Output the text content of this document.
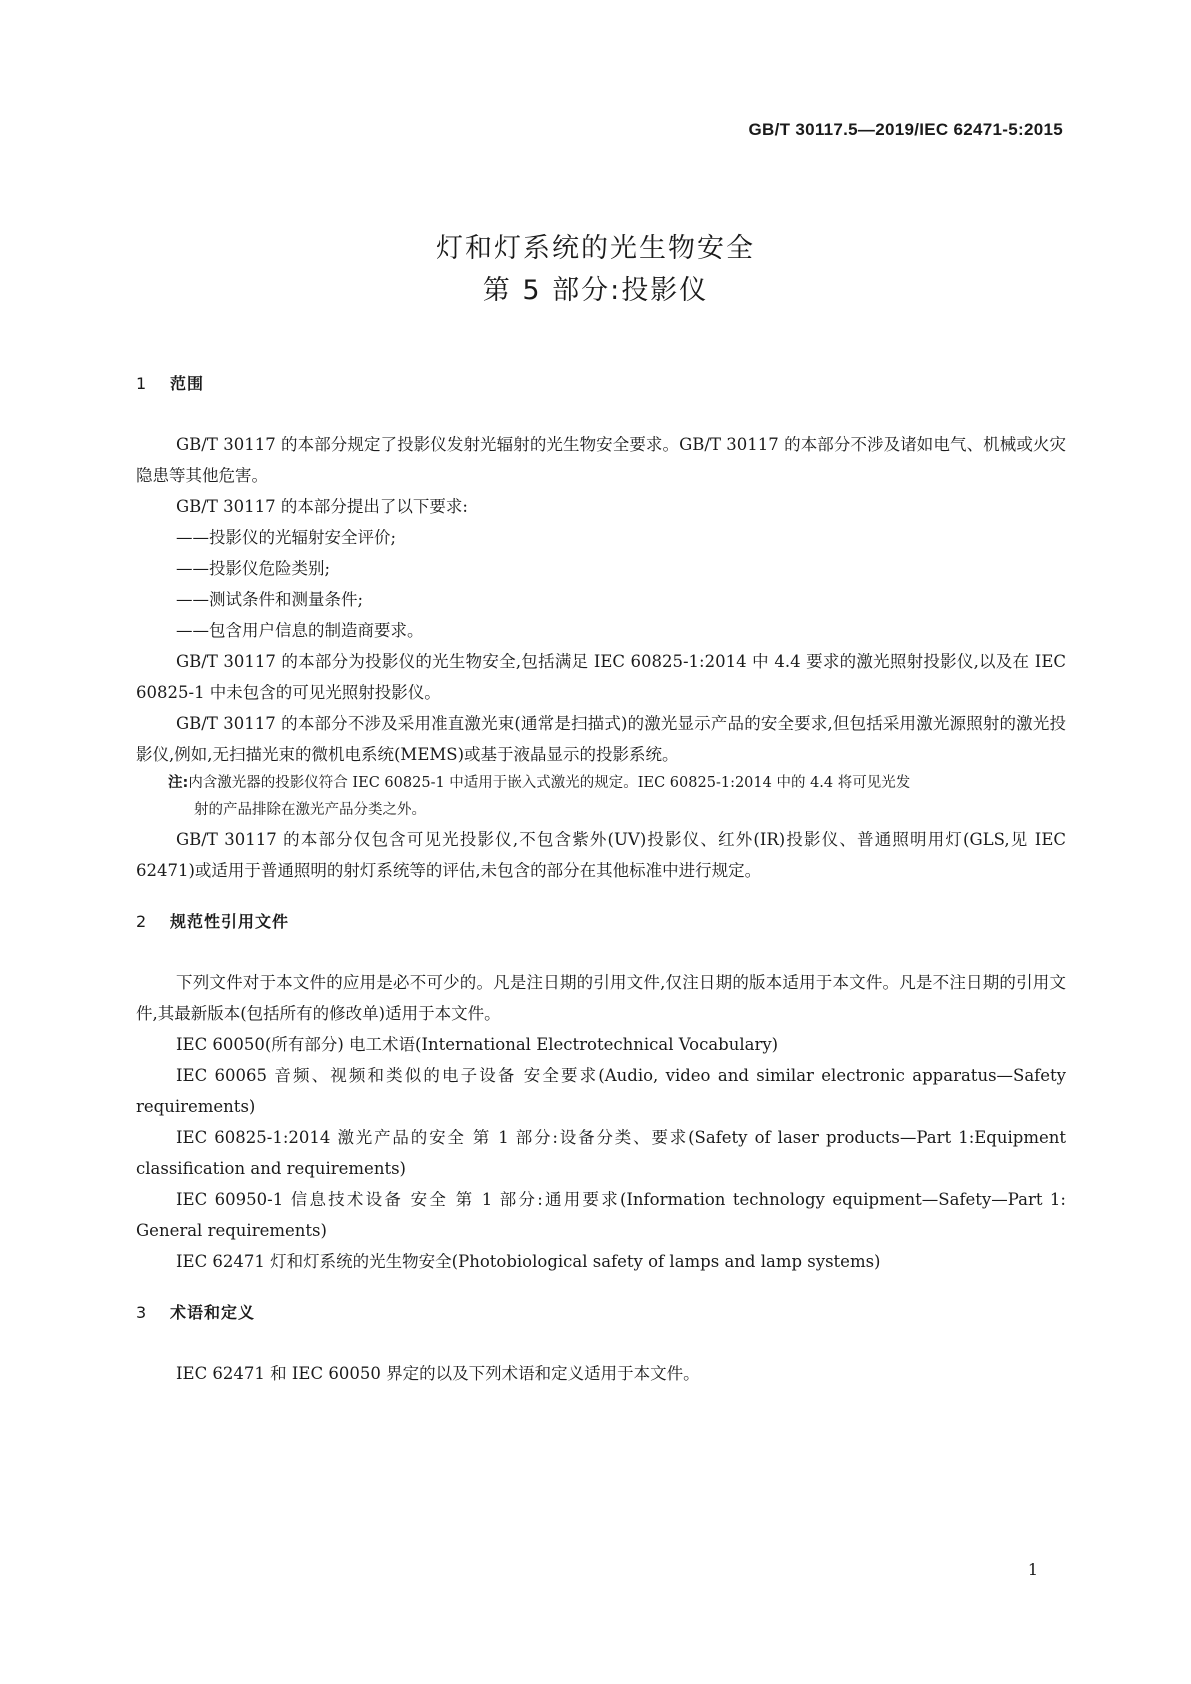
GB/T 30117.5—2019/IEC 62471-5:2015
灯和灯系统的光生物安全
第 5 部分:投影仪
1 范围

GB/T 30117 的本部分规定了投影仪发射光辐射的光生物安全要求。GB/T 30117 的本部分不涉及诸如电气、机械或火灾隐患等其他危害。

GB/T 30117 的本部分提出了以下要求:

——投影仪的光辐射安全评价;
——投影仪危险类别;
——测试条件和测量条件;
——包含用户信息的制造商要求。

GB/T 30117 的本部分为投影仪的光生物安全,包括满足 IEC 60825-1:2014 中 4.4 要求的激光照射投影仪,以及在 IEC 60825-1 中未包含的可见光照射投影仪。

GB/T 30117 的本部分不涉及采用准直激光束(通常是扫描式)的激光显示产品的安全要求,但包括采用激光源照射的激光投影仪,例如,无扫描光束的微机电系统(MEMS)或基于液晶显示的投影系统。

注:内含激光器的投影仪符合 IEC 60825-1 中适用于嵌入式激光的规定。IEC 60825-1:2014 中的 4.4 将可见光发
射的产品排除在激光产品分类之外。

GB/T 30117 的本部分仅包含可见光投影仪,不包含紫外(UV)投影仪、红外(IR)投影仪、普通照明用灯(GLS,见 IEC 62471)或适用于普通照明的射灯系统等的评估,未包含的部分在其他标准中进行规定。

2 规范性引用文件

下列文件对于本文件的应用是必不可少的。凡是注日期的引用文件,仅注日期的版本适用于本文件。凡是不注日期的引用文件,其最新版本(包括所有的修改单)适用于本文件。

IEC 60050(所有部分) 电工术语(International Electrotechnical Vocabulary)

IEC 60065 音频、视频和类似的电子设备 安全要求(Audio, video and similar electronic apparatus—Safety requirements)

IEC 60825-1:2014 激光产品的安全 第 1 部分:设备分类、要求(Safety of laser products—Part 1:Equipment classification and requirements)

IEC 60950-1 信息技术设备 安全 第 1 部分:通用要求(Information technology equipment—Safety—Part 1: General requirements)

IEC 62471 灯和灯系统的光生物安全(Photobiological safety of lamps and lamp systems)

3 术语和定义

IEC 62471 和 IEC 60050 界定的以及下列术语和定义适用于本文件。

1
